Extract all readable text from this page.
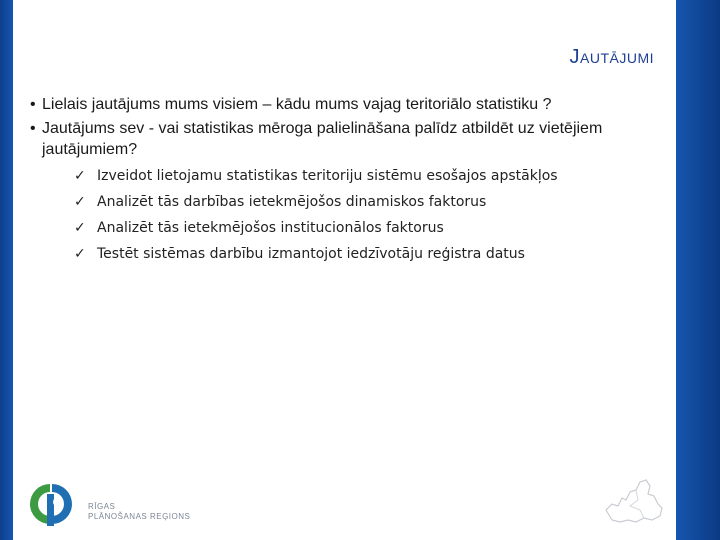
Jautājumi
• Lielais jautājums mums visiem – kādu mums vajag teritoriālo statistiku ?
• Jautājums sev - vai statistikas mēroga palielināšana palīdz atbildēt uz vietējiem jautājumiem?
✓ Izveidot lietojamu statistikas teritoriju sistēmu esošajos apstākļos
✓ Analizēt tās darbības ietekmējošos dinamiskos faktorus
✓ Analizēt tās ietekmējošos institucionālos faktorus
✓ Testēt sistēmas darbību izmantojot iedzīvotāju reģistra datus
RĪGAS
PLĀNOŠANAS REĢIONS
